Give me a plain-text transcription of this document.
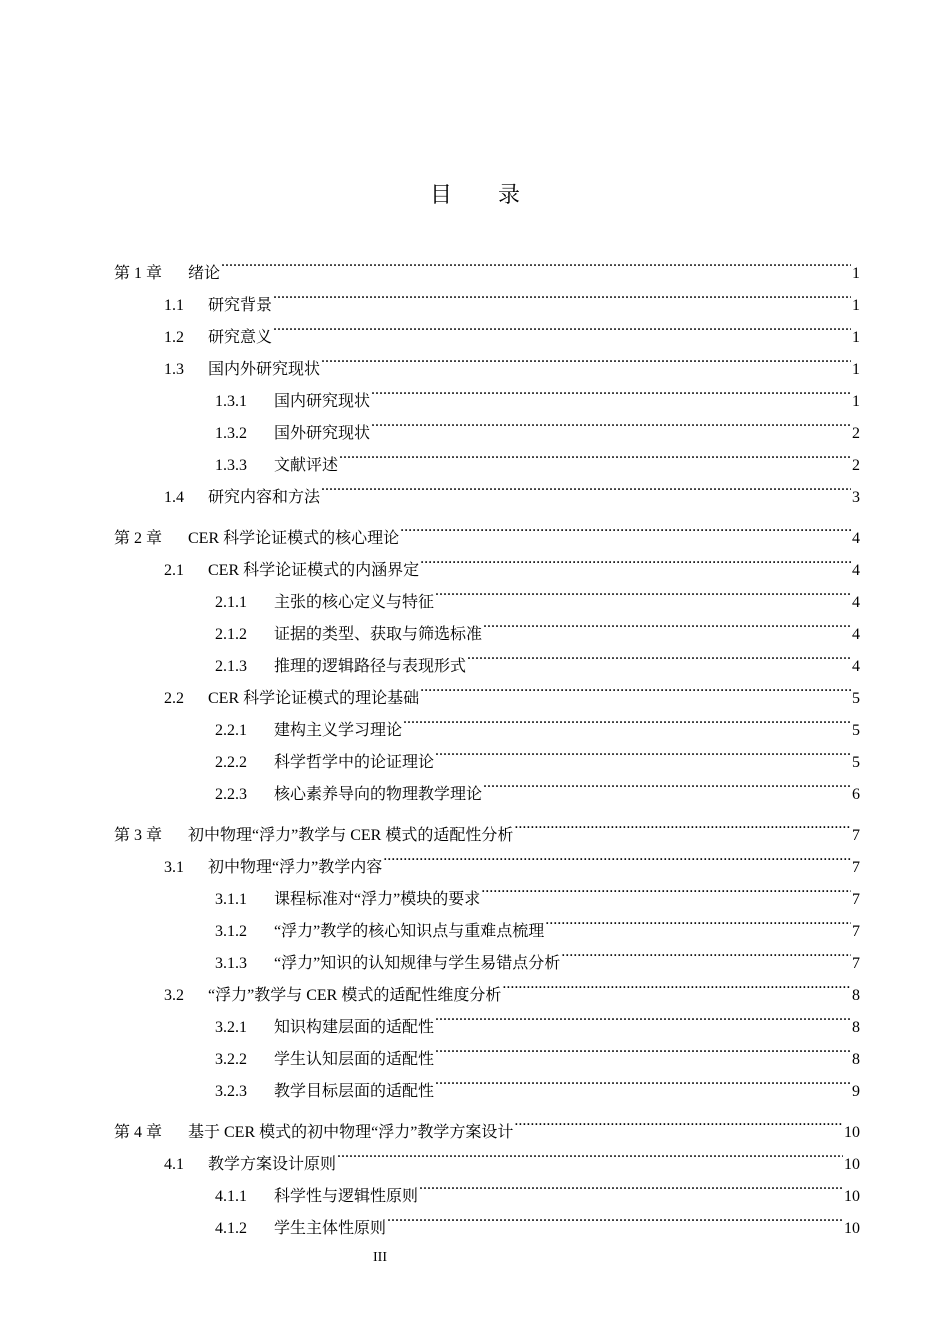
目录
第 1 章	绪论 .....	1
1.1	研究背景 .....	1
1.2	研究意义 .....	1
1.3	国内外研究现状 .....	1
1.3.1	国内研究现状 .....	1
1.3.2	国外研究现状 .....	2
1.3.3	文献评述 .....	2
1.4	研究内容和方法 .....	3
第 2 章	CER 科学论证模式的核心理论 .....	4
2.1	CER 科学论证模式的内涵界定 .....	4
2.1.1	主张的核心定义与特征 .....	4
2.1.2	证据的类型、获取与筛选标准 .....	4
2.1.3	推理的逻辑路径与表现形式 .....	4
2.2	CER 科学论证模式的理论基础 .....	5
2.2.1	建构主义学习理论 .....	5
2.2.2	科学哲学中的论证理论 .....	5
2.2.3	核心素养导向的物理教学理论 .....	6
第 3 章	初中物理“浮力”教学与 CER 模式的适配性分析 .....	7
3.1	初中物理“浮力”教学内容 .....	7
3.1.1	课程标准对“浮力”模块的要求 .....	7
3.1.2	“浮力”教学的核心知识点与重难点梳理 .....	7
3.1.3	“浮力”知识的认知规律与学生易错点分析 .....	7
3.2	“浮力”教学与 CER 模式的适配性维度分析 .....	8
3.2.1	知识构建层面的适配性 .....	8
3.2.2	学生认知层面的适配性 .....	8
3.2.3	教学目标层面的适配性 .....	9
第 4 章	基于 CER 模式的初中物理“浮力”教学方案设计 .....	10
4.1	教学方案设计原则 .....	10
4.1.1	科学性与逻辑性原则 .....	10
4.1.2	学生主体性原则 .....	10
III
